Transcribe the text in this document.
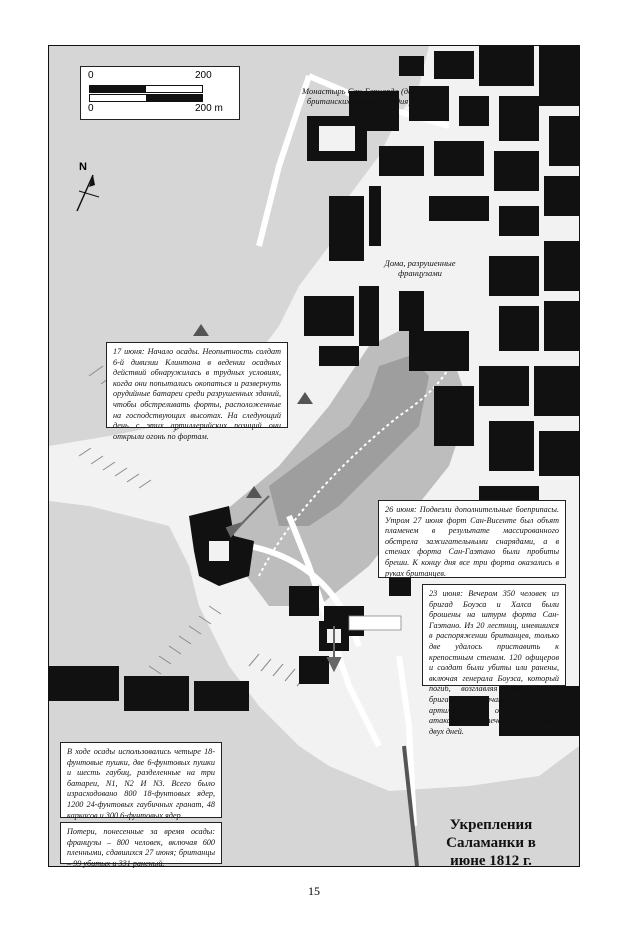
N
0	200
0	200 m
Монастырь Сан-Бернардо (два британских полевых орудия)
Дома, разрушенные французами
17 июня: Начало осады. Неопытность солдат 6-й дивизии Клинтона в ведении осадных действий обнаружилась в трудных условиях, когда они попытались окопаться и развернуть орудийные батареи среди разрушенных зданий, чтобы обстреливать форты, расположенные на господствующих высотах. На следующий день с этих артиллерийских позиций они открыли огонь по фортам.
26 июня: Подвезли дополнительные боеприпасы. Утром 27 июня форт Сан-Висенте был объят пламенем в результате массированного обстрела зажигательными снарядами, а в стенах форта Сан-Гаэтано были пробиты бреши. К концу дня все три форта оказались в руках британцев.
23 июня: Вечером 350 человек из бригад Боуэса и Халса были брошены на штурм форта Сан-Гаэтано. Из 20 лестниц, имевшихся в распоряжении британцев, только две удалось приставить к крепостным стенам. 120 офицеров и солдат были убиты или ранены, включая генерала Боуэса, который погиб, возглавляя атаку своей бригады. Англичане продолжили артиллерийский обстрел, но не атаковали в течение следующих двух дней.
В ходе осады использовались четыре 18-фунтовые пушки, две 6-фунтовых пушки и шесть гаубиц, разделенные на три батареи, N1, N2 И N3. Всего было израсходовано 800 18-фунтовых ядер, 1200 24-фунтовых гаубичных гранат, 48 каркасов и 300 6-фунтовых ядер.
Потери, понесенные за время осады: французы – 800 человек, включая 600 пленными, сдавшихся 27 июня; британцы – 99 убитых и 331 раненый.
Укрепления Саламанки в июне 1812 г.
15
